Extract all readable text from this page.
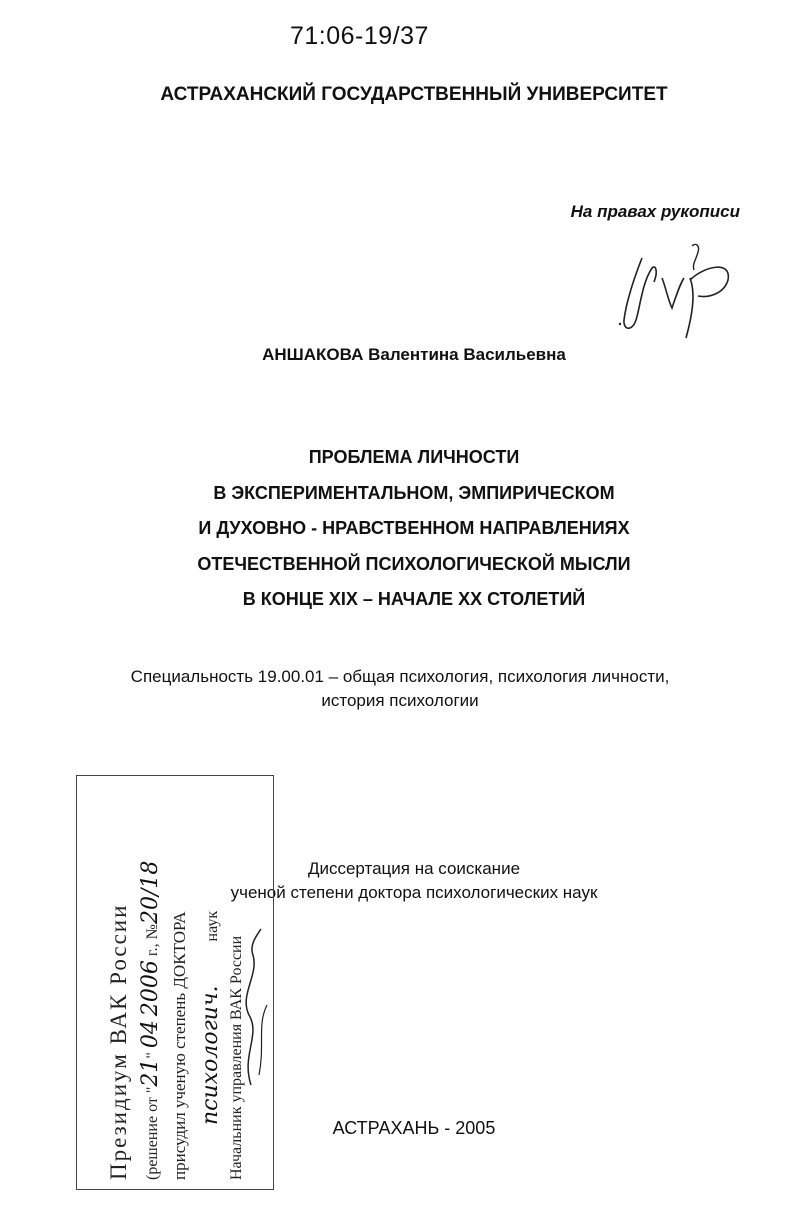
71:06-19/37
АСТРАХАНСКИЙ ГОСУДАРСТВЕННЫЙ УНИВЕРСИТЕТ
На правах рукописи
АНШАКОВА Валентина Васильевна
ПРОБЛЕМА ЛИЧНОСТИ
В ЭКСПЕРИМЕНТАЛЬНОМ, ЭМПИРИЧЕСКОМ
И ДУХОВНО - НРАВСТВЕННОМ НАПРАВЛЕНИЯХ
ОТЕЧЕСТВЕННОЙ ПСИХОЛОГИЧЕСКОЙ МЫСЛИ
В КОНЦЕ XIX – НАЧАЛЕ XX СТОЛЕТИЙ
Специальность 19.00.01 – общая психология, психология личности,
история психологии
Диссертация на соискание
ученой степени доктора психологических наук
АСТРАХАНЬ - 2005
Президиум ВАК России (решение от "21" 04 2006 г., №20/18
присудил ученую степень ДОКТОРА психологич. наук
Начальник управления ВАК России
